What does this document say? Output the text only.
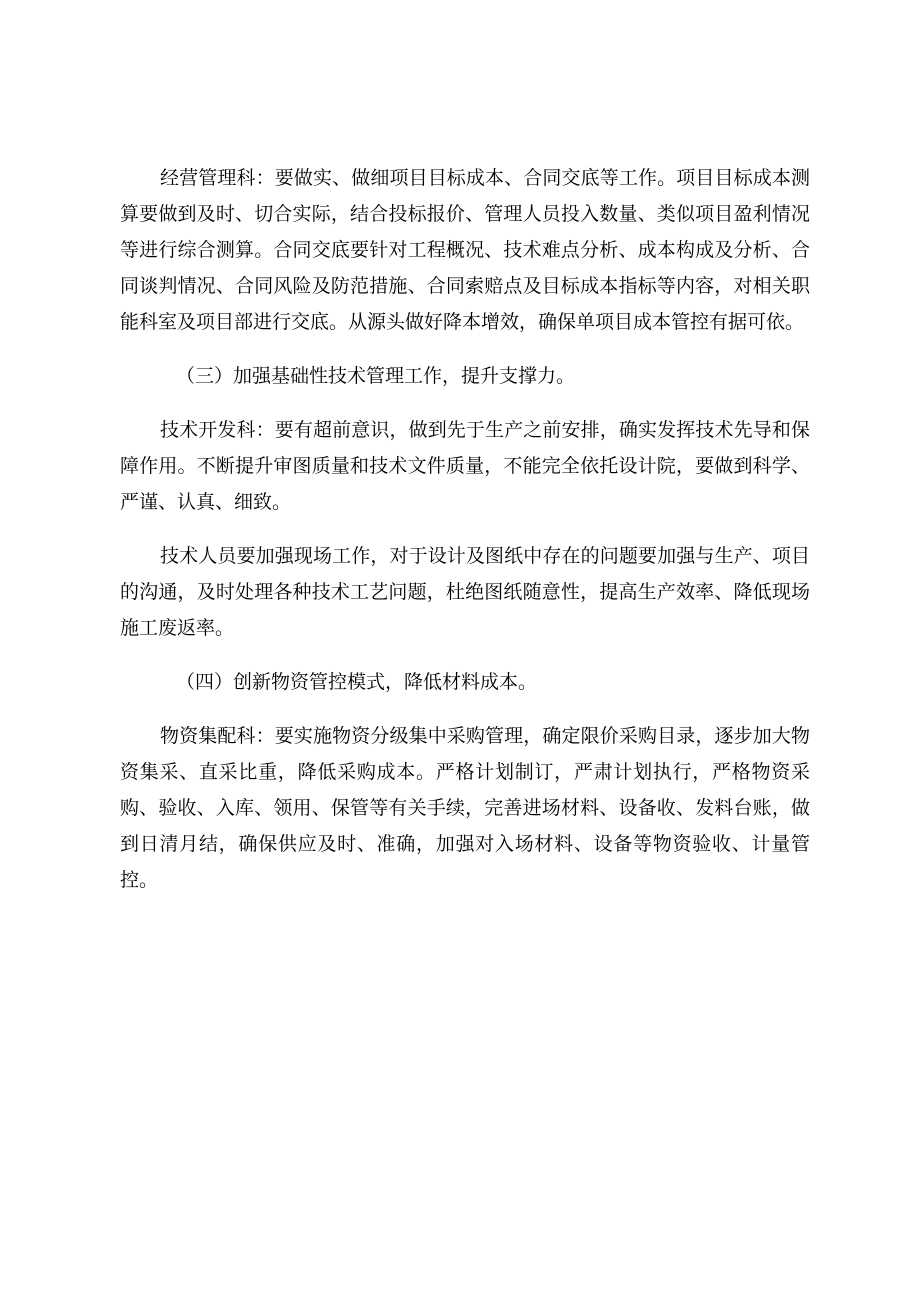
经营管理科：要做实、做细项目目标成本、合同交底等工作。项目目标成本测算要做到及时、切合实际，结合投标报价、管理人员投入数量、类似项目盈利情况等进行综合测算。合同交底要针对工程概况、技术难点分析、成本构成及分析、合同谈判情况、合同风险及防范措施、合同索赔点及目标成本指标等内容，对相关职能科室及项目部进行交底。从源头做好降本增效，确保单项目成本管控有据可依。

（三）加强基础性技术管理工作，提升支撑力。

技术开发科：要有超前意识，做到先于生产之前安排，确实发挥技术先导和保障作用。不断提升审图质量和技术文件质量，不能完全依托设计院，要做到科学、严谨、认真、细致。

技术人员要加强现场工作，对于设计及图纸中存在的问题要加强与生产、项目的沟通，及时处理各种技术工艺问题，杜绝图纸随意性，提高生产效率、降低现场施工废返率。

（四）创新物资管控模式，降低材料成本。

物资集配科：要实施物资分级集中采购管理，确定限价采购目录，逐步加大物资集采、直采比重，降低采购成本。严格计划制订，严肃计划执行，严格物资采购、验收、入库、领用、保管等有关手续，完善进场材料、设备收、发料台账，做到日清月结，确保供应及时、准确，加强对入场材料、设备等物资验收、计量管控。
